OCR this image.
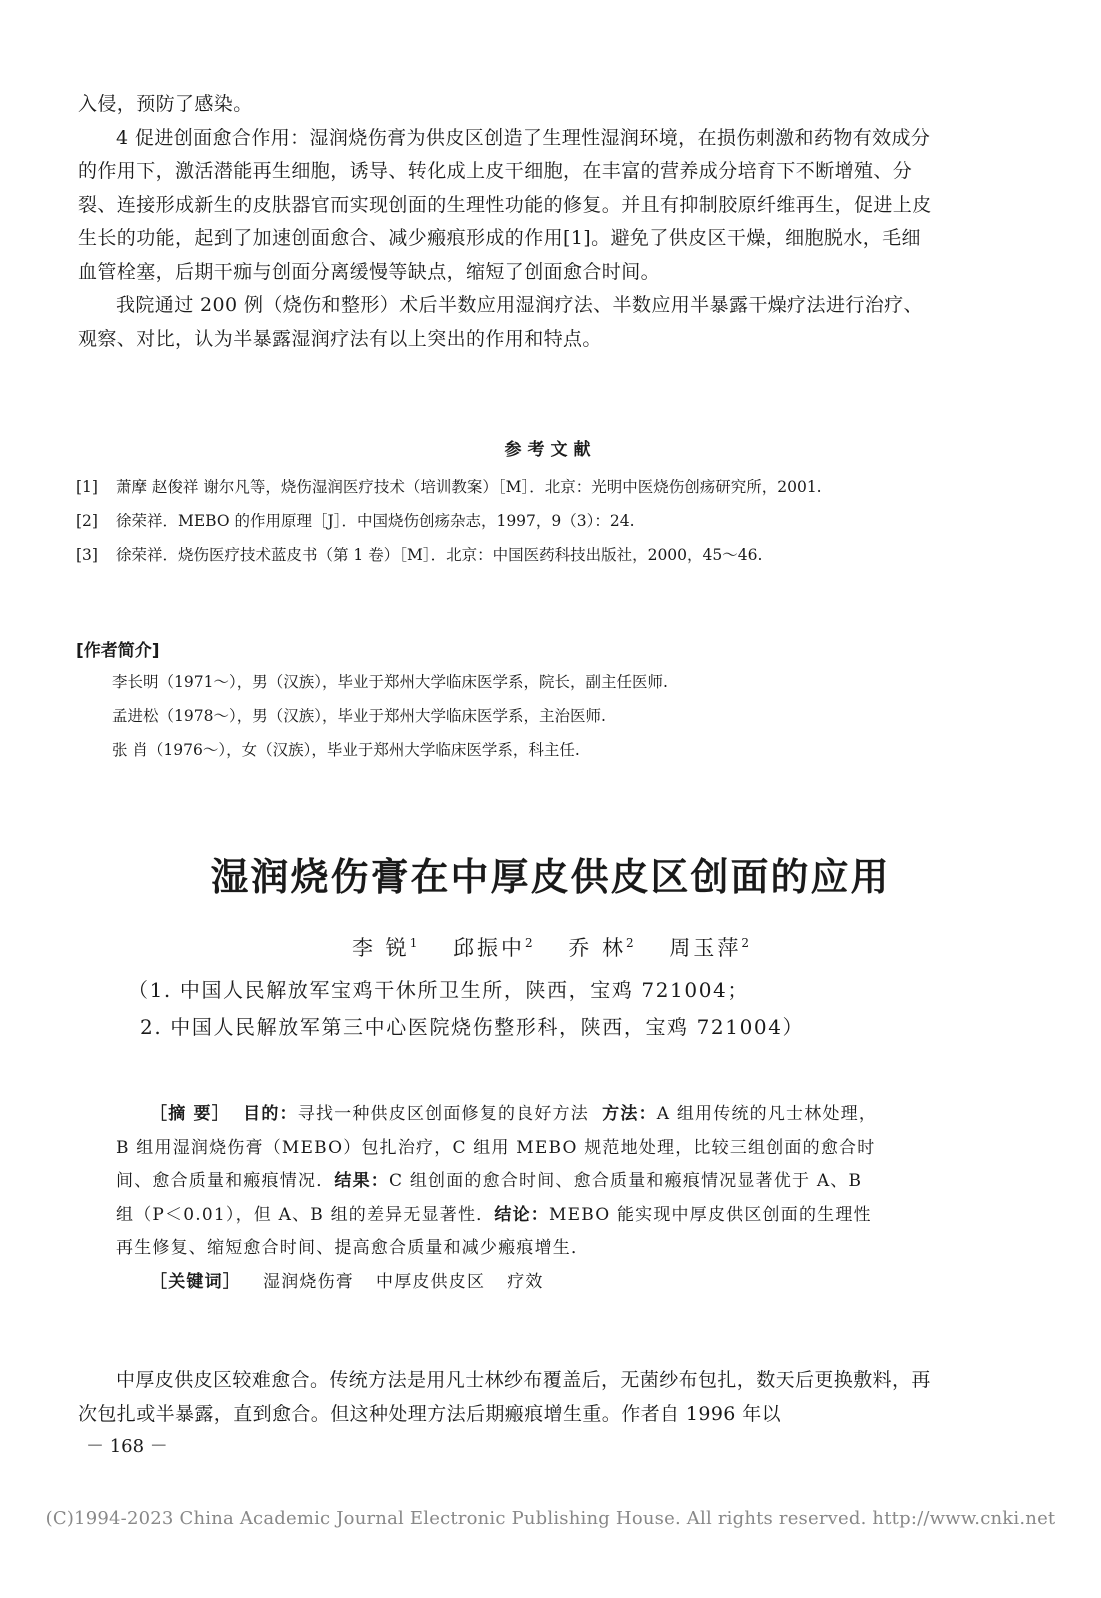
入侵，预防了感染。

4 促进创面愈合作用：湿润烧伤膏为供皮区创造了生理性湿润环境，在损伤刺激和药物有效成分的作用下，激活潜能再生细胞，诱导、转化成上皮干细胞，在丰富的营养成分培育下不断增殖、分裂、连接形成新生的皮肤器官而实现创面的生理性功能的修复。并且有抑制胶原纤维再生，促进上皮生长的功能，起到了加速创面愈合、减少瘢痕形成的作用[1]。避免了供皮区干燥，细胞脱水，毛细血管栓塞，后期干痂与创面分离缓慢等缺点，缩短了创面愈合时间。

我院通过 200 例（烧伤和整形）术后半数应用湿润疗法、半数应用半暴露干燥疗法进行治疗、观察、对比，认为半暴露湿润疗法有以上突出的作用和特点。

参考文献
[1]	萧摩 赵俊祥 谢尔凡等，烧伤湿润医疗技术（培训教案）［M］．北京：光明中医烧伤创疡研究所，2001.
[2]	徐荣祥．MEBO 的作用原理［J］．中国烧伤创疡杂志，1997，9（3）：24.
[3]	徐荣祥．烧伤医疗技术蓝皮书（第 1 卷）［M］．北京：中国医药科技出版社，2000，45～46.
[作者简介]
李长明（1971～），男（汉族），毕业于郑州大学临床医学系，院长，副主任医师.
孟进松（1978～），男（汉族），毕业于郑州大学临床医学系，主治医师.
张 肖（1976～），女（汉族），毕业于郑州大学临床医学系，科主任.
湿润烧伤膏在中厚皮供皮区创面的应用
李 锐$^1$ 邱振中$^2$ 乔 林$^2$ 周玉萍$^2$
（1. 中国人民解放军宝鸡干休所卫生所，陕西，宝鸡 721004；
2. 中国人民解放军第三中心医院烧伤整形科，陕西，宝鸡 721004）

［摘 要］ 目的：寻找一种供皮区创面修复的良好方法 方法：A 组用传统的凡士林处理，B 组用湿润烧伤膏（MEBO）包扎治疗，C 组用 MEBO 规范地处理，比较三组创面的愈合时间、愈合质量和瘢痕情况．结果：C 组创面的愈合时间、愈合质量和瘢痕情况显著优于 A、B 组（P＜0.01），但 A、B 组的差异无显著性．结论：MEBO 能实现中厚皮供区创面的生理性再生修复、缩短愈合时间、提高愈合质量和减少瘢痕增生．

［关键词］ 湿润烧伤膏 中厚皮供皮区 疗效

中厚皮供皮区较难愈合。传统方法是用凡士林纱布覆盖后，无菌纱布包扎，数天后更换敷料，再次包扎或半暴露，直到愈合。但这种处理方法后期瘢痕增生重。作者自 1996 年以

－ 168 －
(C)1994-2023 China Academic Journal Electronic Publishing House. All rights reserved. http://www.cnki.net
